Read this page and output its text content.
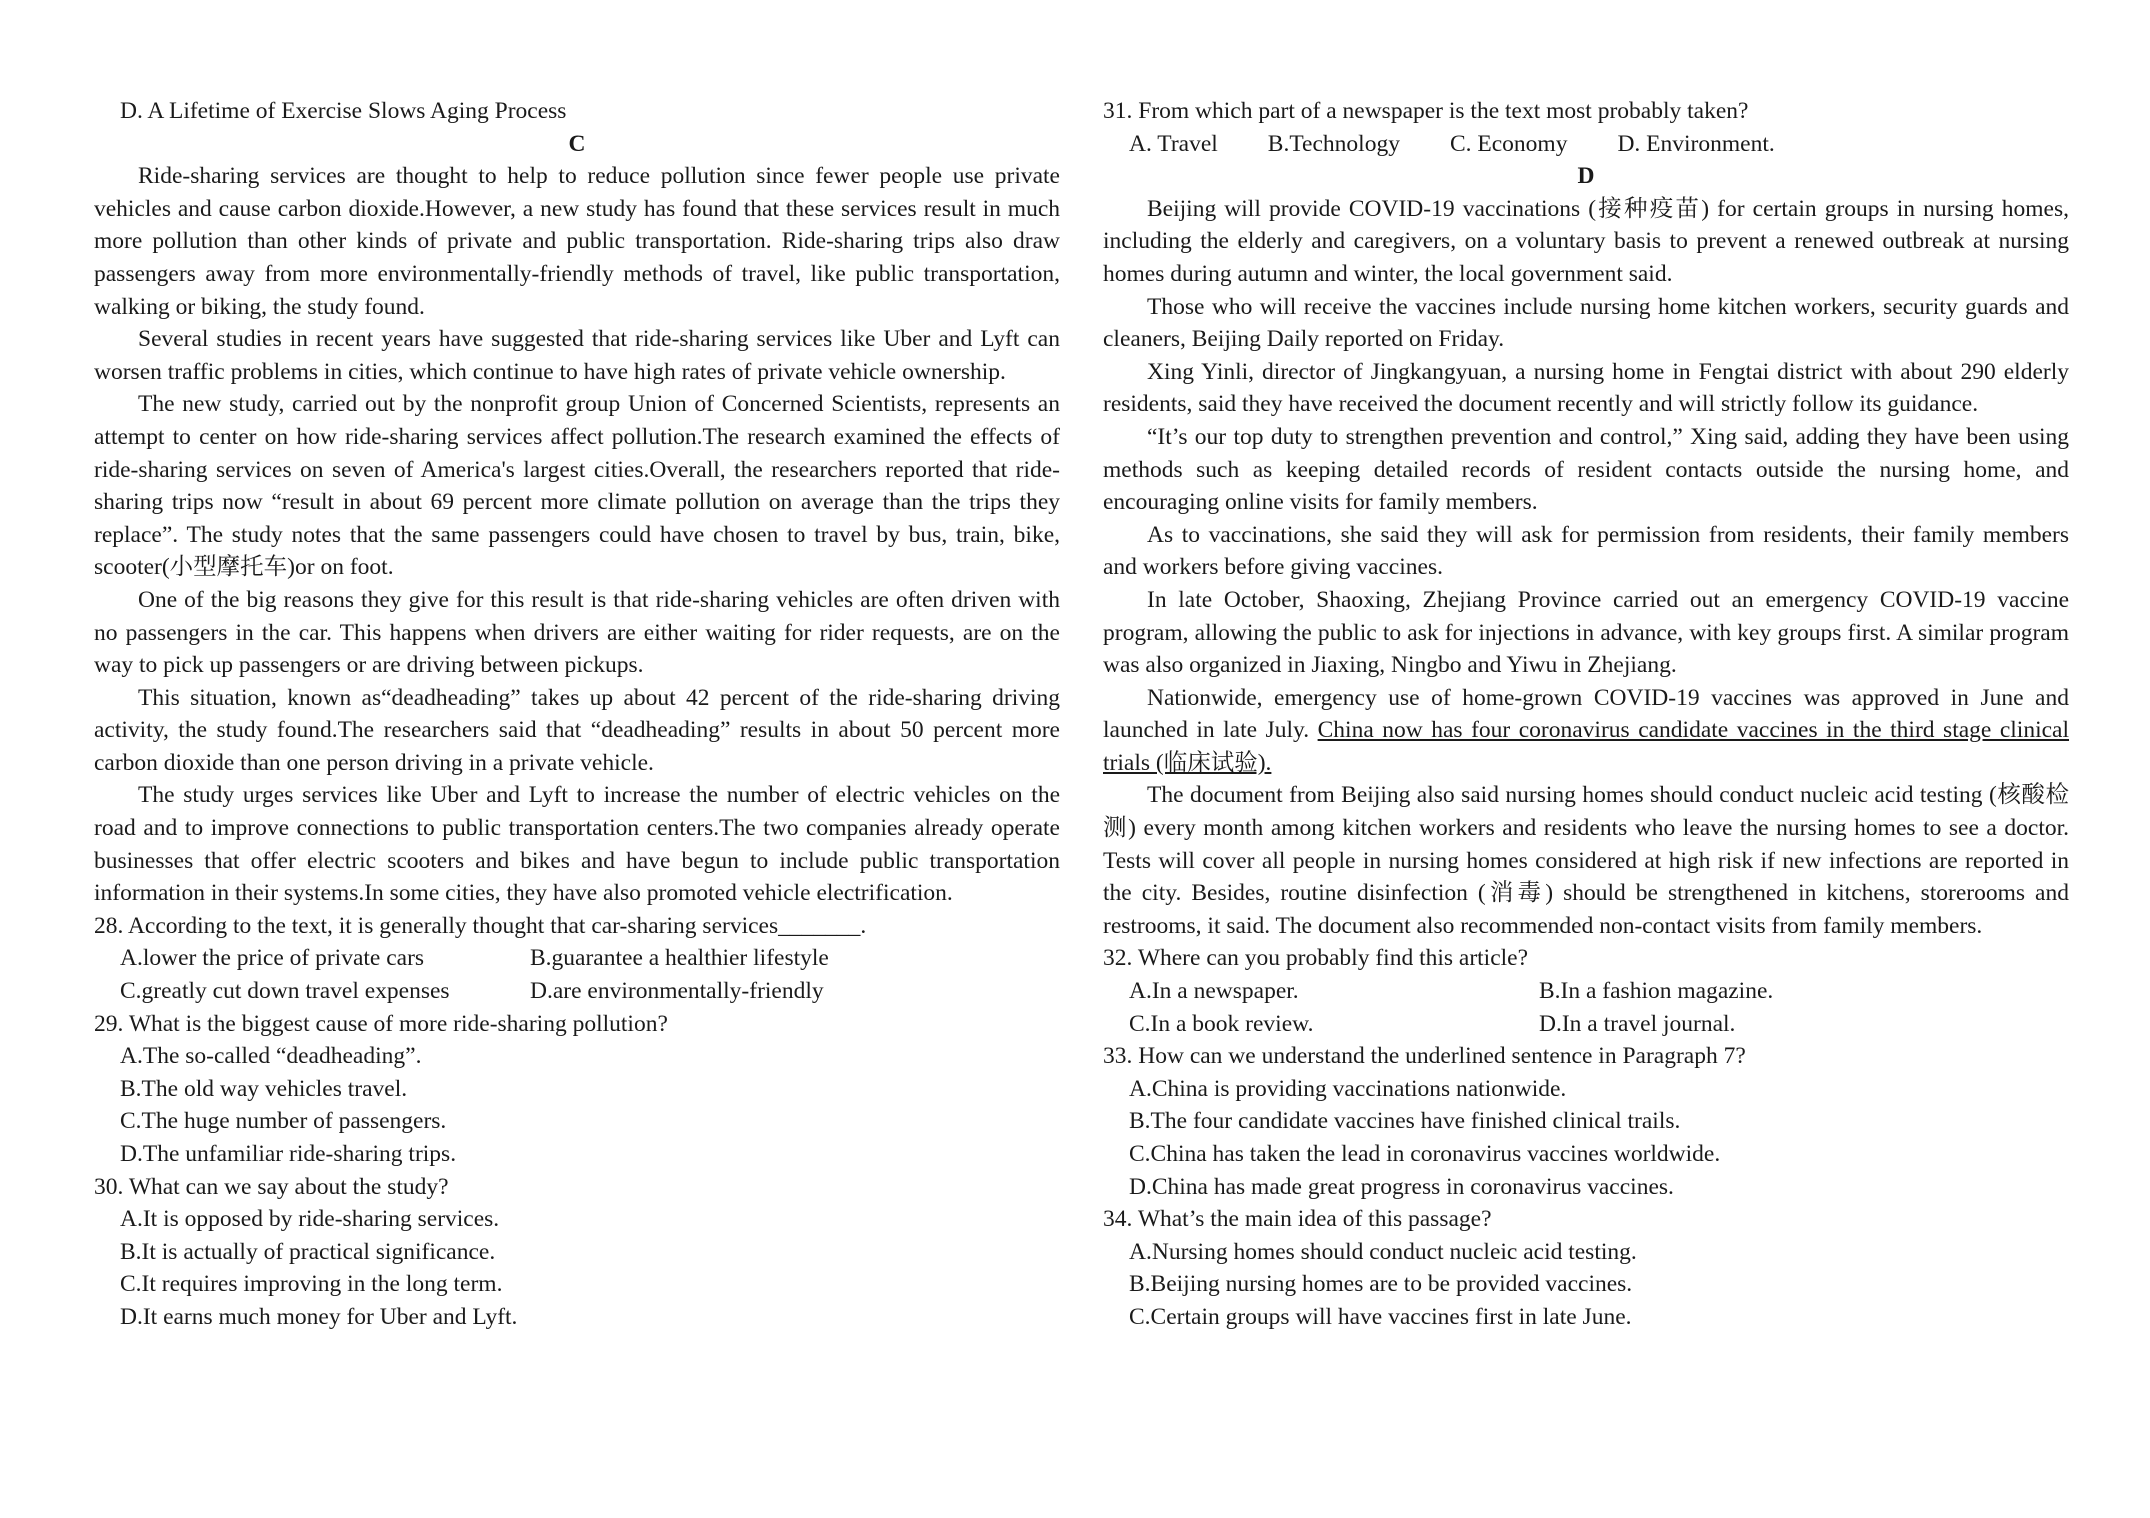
D. A Lifetime of Exercise Slows Aging Process
C

Ride-sharing services are thought to help to reduce pollution since fewer people use private vehicles and cause carbon dioxide.However, a new study has found that these services result in much more pollution than other kinds of private and public transportation. Ride-sharing trips also draw passengers away from more environmentally-friendly methods of travel, like public transportation, walking or biking, the study found.

Several studies in recent years have suggested that ride-sharing services like Uber and Lyft can worsen traffic problems in cities, which continue to have high rates of private vehicle ownership.

The new study, carried out by the nonprofit group Union of Concerned Scientists, represents an attempt to center on how ride-sharing services affect pollution.The research examined the effects of ride-sharing services on seven of America's largest cities.Overall, the researchers reported that ride-sharing trips now “result in about 69 percent more climate pollution on average than the trips they replace”. The study notes that the same passengers could have chosen to travel by bus, train, bike, scooter(小型摩托车)or on foot.

One of the big reasons they give for this result is that ride-sharing vehicles are often driven with no passengers in the car. This happens when drivers are either waiting for rider requests, are on the way to pick up passengers or are driving between pickups.

This situation, known as“deadheading” takes up about 42 percent of the ride-sharing driving activity, the study found.The researchers said that “deadheading” results in about 50 percent more carbon dioxide than one person driving in a private vehicle.

The study urges services like Uber and Lyft to increase the number of electric vehicles on the road and to improve connections to public transportation centers.The two companies already operate businesses that offer electric scooters and bikes and have begun to include public transportation information in their systems.In some cities, they have also promoted vehicle electrification.

28. According to the text, it is generally thought that car-sharing services_______.
A.lower the price of private cars	B.guarantee a healthier lifestyle
C.greatly cut down travel expenses	D.are environmentally-friendly
29. What is the biggest cause of more ride-sharing pollution?
A.The so-called “deadheading”.
B.The old way vehicles travel.
C.The huge number of passengers.
D.The unfamiliar ride-sharing trips.
30. What can we say about the study?
A.It is opposed by ride-sharing services.
B.It is actually of practical significance.
C.It requires improving in the long term.
D.It earns much money for Uber and Lyft.
31. From which part of a newspaper is the text most probably taken?
A. Travel B.Technology C. Economy D. Environment.
D

Beijing will provide COVID-19 vaccinations (接种疫苗) for certain groups in nursing homes, including the elderly and caregivers, on a voluntary basis to prevent a renewed outbreak at nursing homes during autumn and winter, the local government said.

Those who will receive the vaccines include nursing home kitchen workers, security guards and cleaners, Beijing Daily reported on Friday.

Xing Yinli, director of Jingkangyuan, a nursing home in Fengtai district with about 290 elderly residents, said they have received the document recently and will strictly follow its guidance.

“It’s our top duty to strengthen prevention and control,” Xing said, adding they have been using methods such as keeping detailed records of resident contacts outside the nursing home, and encouraging online visits for family members.

As to vaccinations, she said they will ask for permission from residents, their family members and workers before giving vaccines.

In late October, Shaoxing, Zhejiang Province carried out an emergency COVID-19 vaccine program, allowing the public to ask for injections in advance, with key groups first. A similar program was also organized in Jiaxing, Ningbo and Yiwu in Zhejiang.

Nationwide, emergency use of home-grown COVID-19 vaccines was approved in June and launched in late July. China now has four coronavirus candidate vaccines in the third stage clinical trials (临床试验).

The document from Beijing also said nursing homes should conduct nucleic acid testing (核酸检测) every month among kitchen workers and residents who leave the nursing homes to see a doctor. Tests will cover all people in nursing homes considered at high risk if new infections are reported in the city. Besides, routine disinfection (消毒) should be strengthened in kitchens, storerooms and restrooms, it said. The document also recommended non-contact visits from family members.

32. Where can you probably find this article?
A.In a newspaper.	B.In a fashion magazine.
C.In a book review.	D.In a travel journal.
33. How can we understand the underlined sentence in Paragraph 7?
A.China is providing vaccinations nationwide.
B.The four candidate vaccines have finished clinical trails.
C.China has taken the lead in coronavirus vaccines worldwide.
D.China has made great progress in coronavirus vaccines.
34. What’s the main idea of this passage?
A.Nursing homes should conduct nucleic acid testing.
B.Beijing nursing homes are to be provided vaccines.
C.Certain groups will have vaccines first in late June.
